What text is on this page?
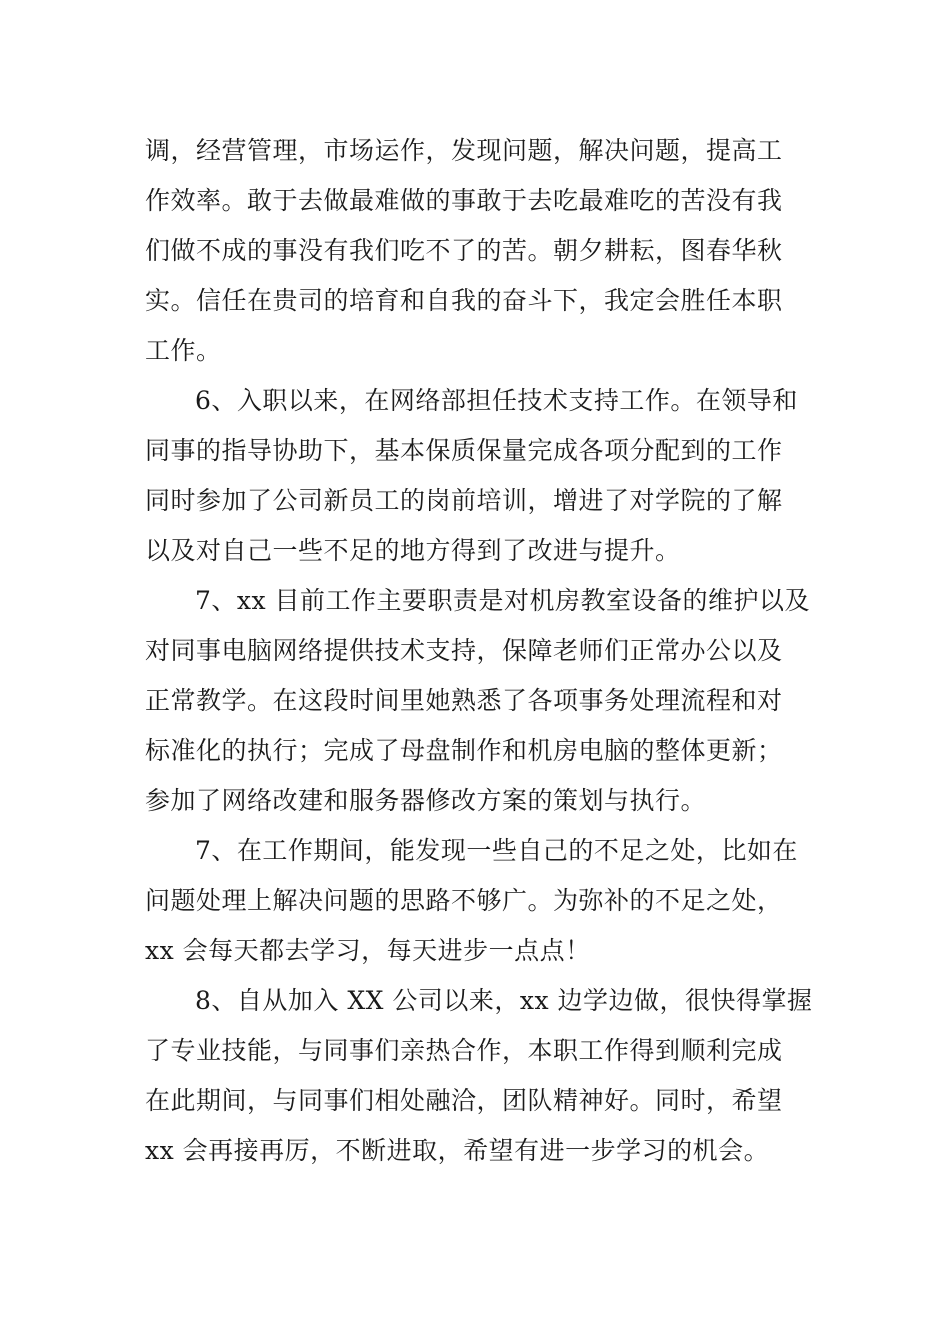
调，经营管理，市场运作，发现问题，解决问题，提高工
作效率。敢于去做最难做的事敢于去吃最难吃的苦没有我
们做不成的事没有我们吃不了的苦。朝夕耕耘，图春华秋
实。信任在贵司的培育和自我的奋斗下，我定会胜任本职
工作。
6、入职以来，在网络部担任技术支持工作。在领导和
同事的指导协助下，基本保质保量完成各项分配到的工作
同时参加了公司新员工的岗前培训，增进了对学院的了解
以及对自己一些不足的地方得到了改进与提升。
7、xx 目前工作主要职责是对机房教室设备的维护以及
对同事电脑网络提供技术支持，保障老师们正常办公以及
正常教学。在这段时间里她熟悉了各项事务处理流程和对
标准化的执行；完成了母盘制作和机房电脑的整体更新；
参加了网络改建和服务器修改方案的策划与执行。
7、在工作期间，能发现一些自己的不足之处，比如在
问题处理上解决问题的思路不够广。为弥补的不足之处，
xx 会每天都去学习，每天进步一点点！
8、自从加入 XX 公司以来，xx 边学边做，很快得掌握
了专业技能，与同事们亲热合作，本职工作得到顺利完成
在此期间，与同事们相处融洽，团队精神好。同时，希望
xx 会再接再厉，不断进取，希望有进一步学习的机会。
